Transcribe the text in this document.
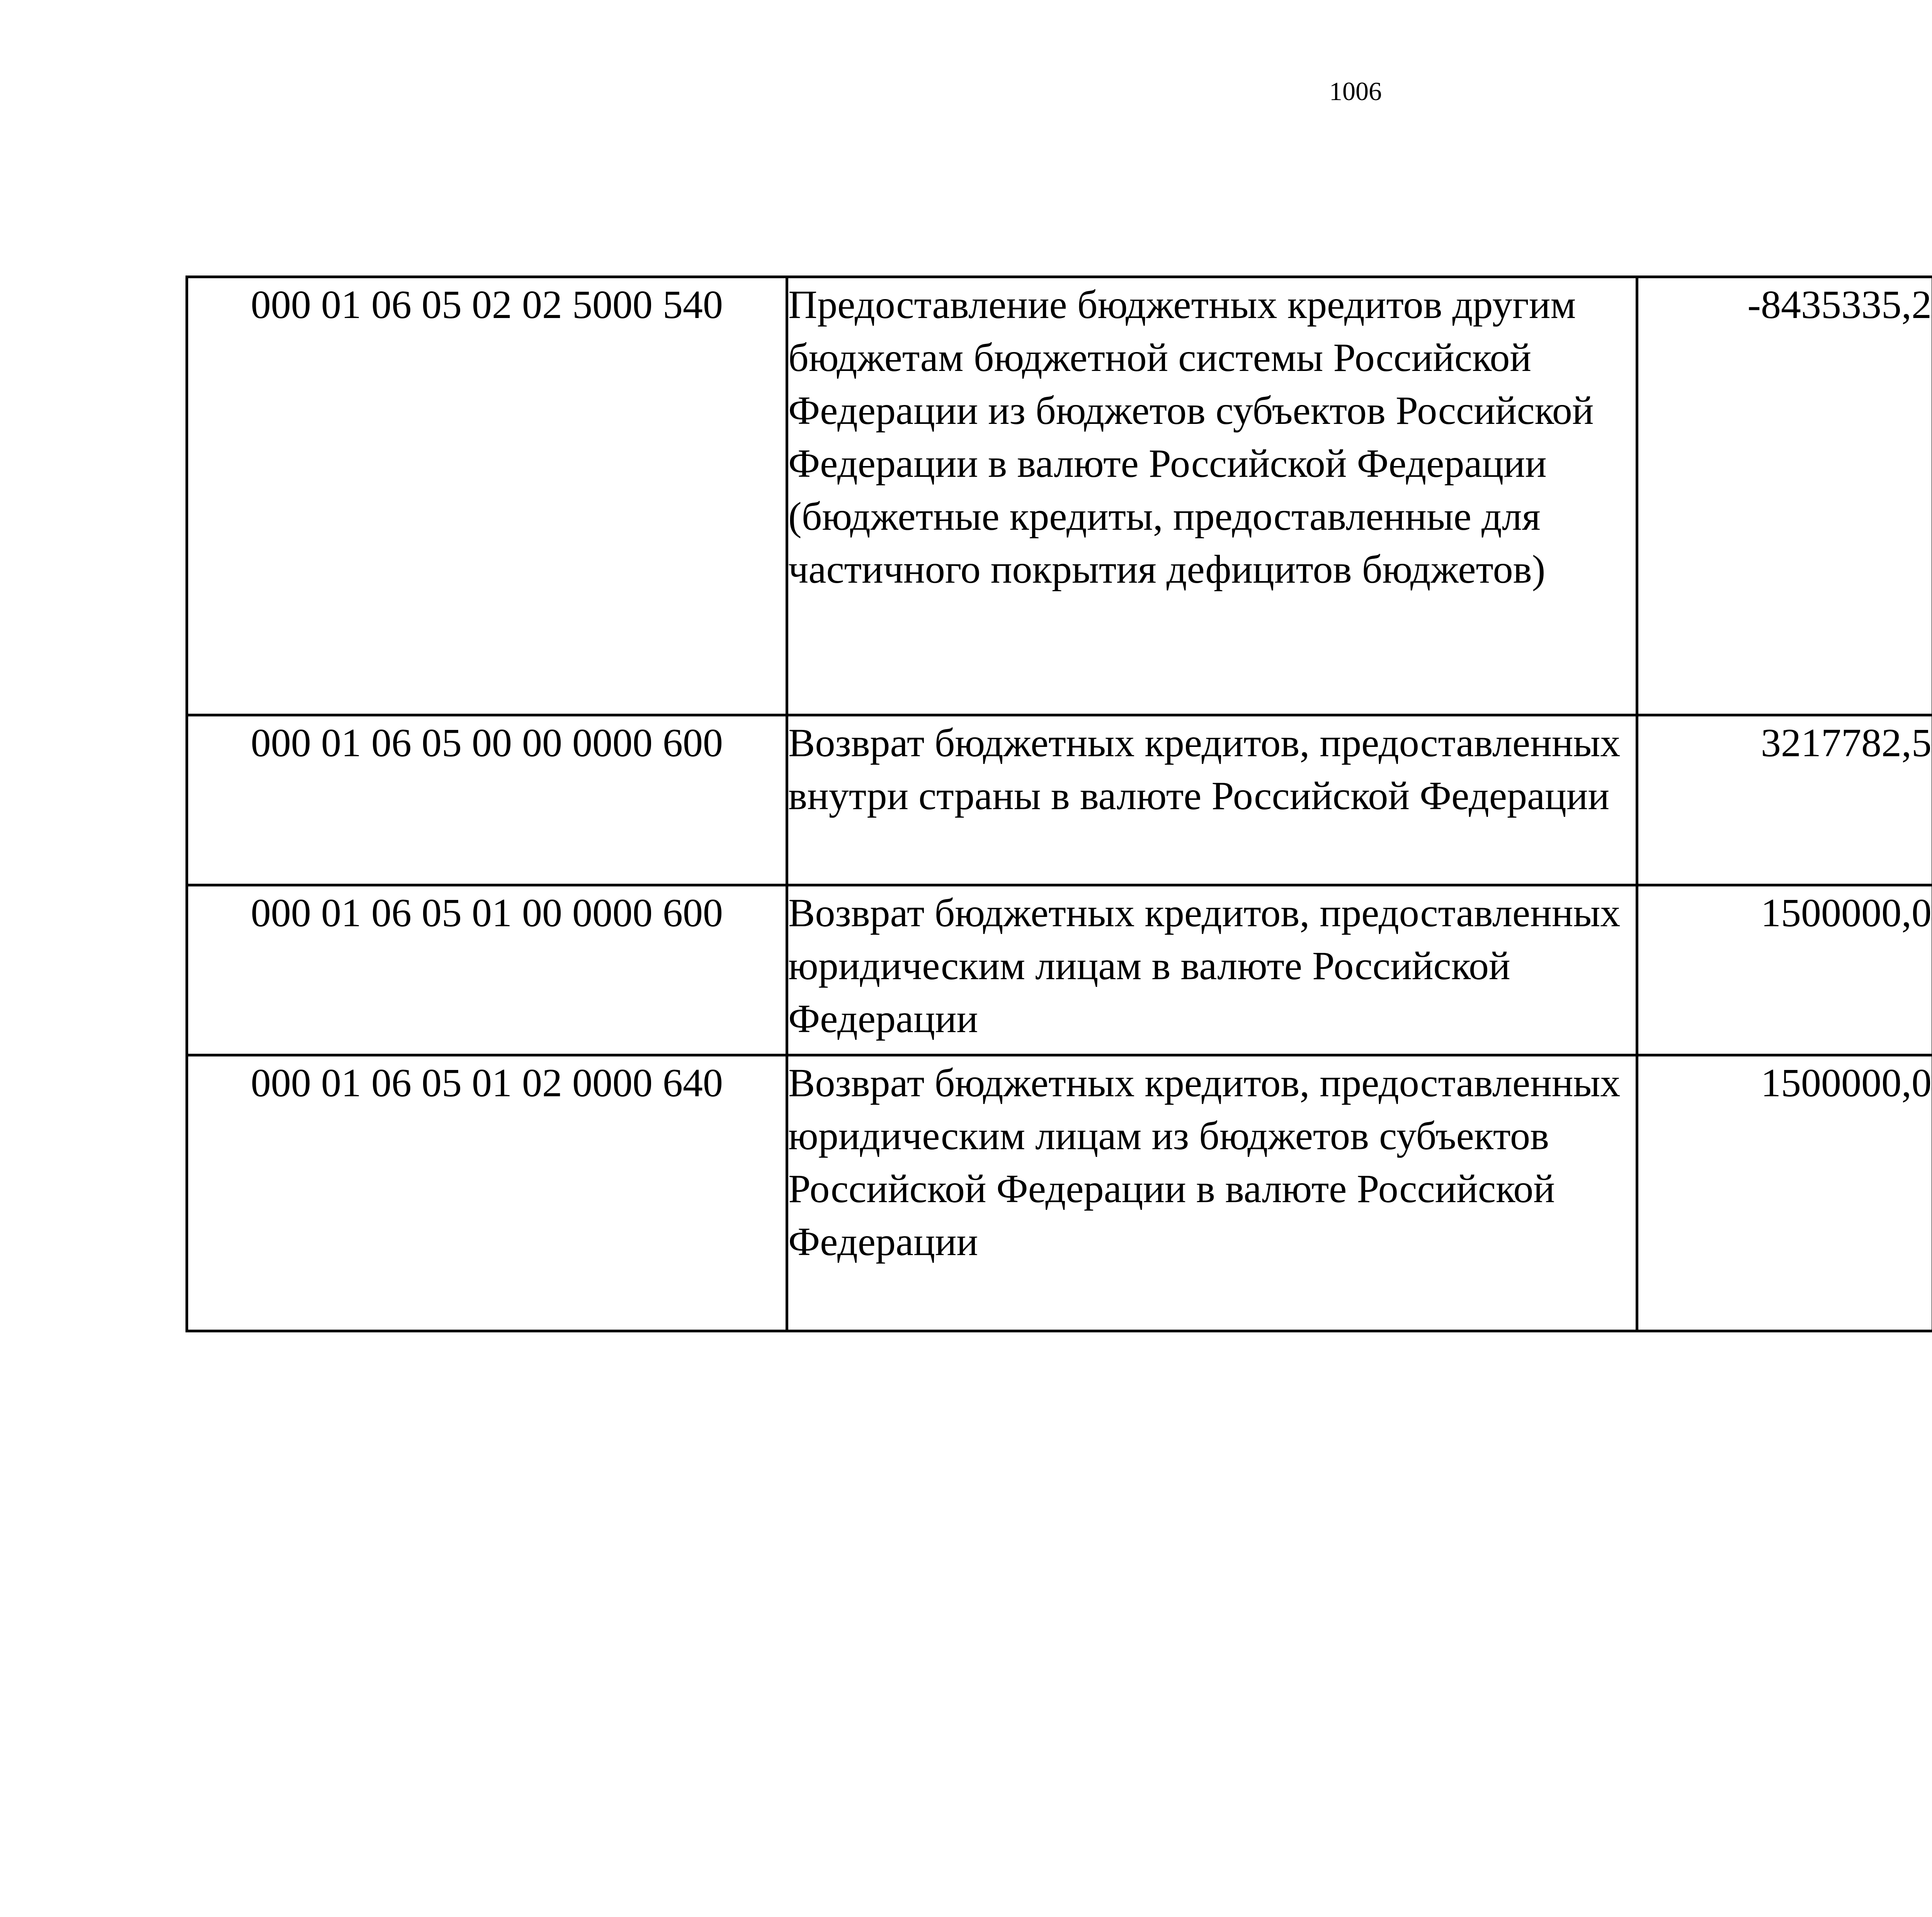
1006
000 01 06 05 02 02 5000 540	Предоставление бюджетных кредитов другим бюджетам бюджетной системы Российской Федерации из бюджетов субъектов Российской Федерации в валюте Российской Федерации (бюджетные кредиты, предоставленные для частичного покрытия дефицитов бюджетов)	-8435335,2		
000 01 06 05 00 00 0000 600	Возврат бюджетных кредитов, предоставленных внутри страны в валюте Российской Федерации	3217782,5		
000 01 06 05 01 00 0000 600	Возврат бюджетных кредитов, предоставленных юридическим лицам в валюте Российской Федерации	1500000,0		
000 01 06 05 01 02 0000 640	Возврат бюджетных кредитов, предоставленных юридическим лицам из бюджетов субъектов Российской Федерации в валюте Российской Федерации	1500000,0		
